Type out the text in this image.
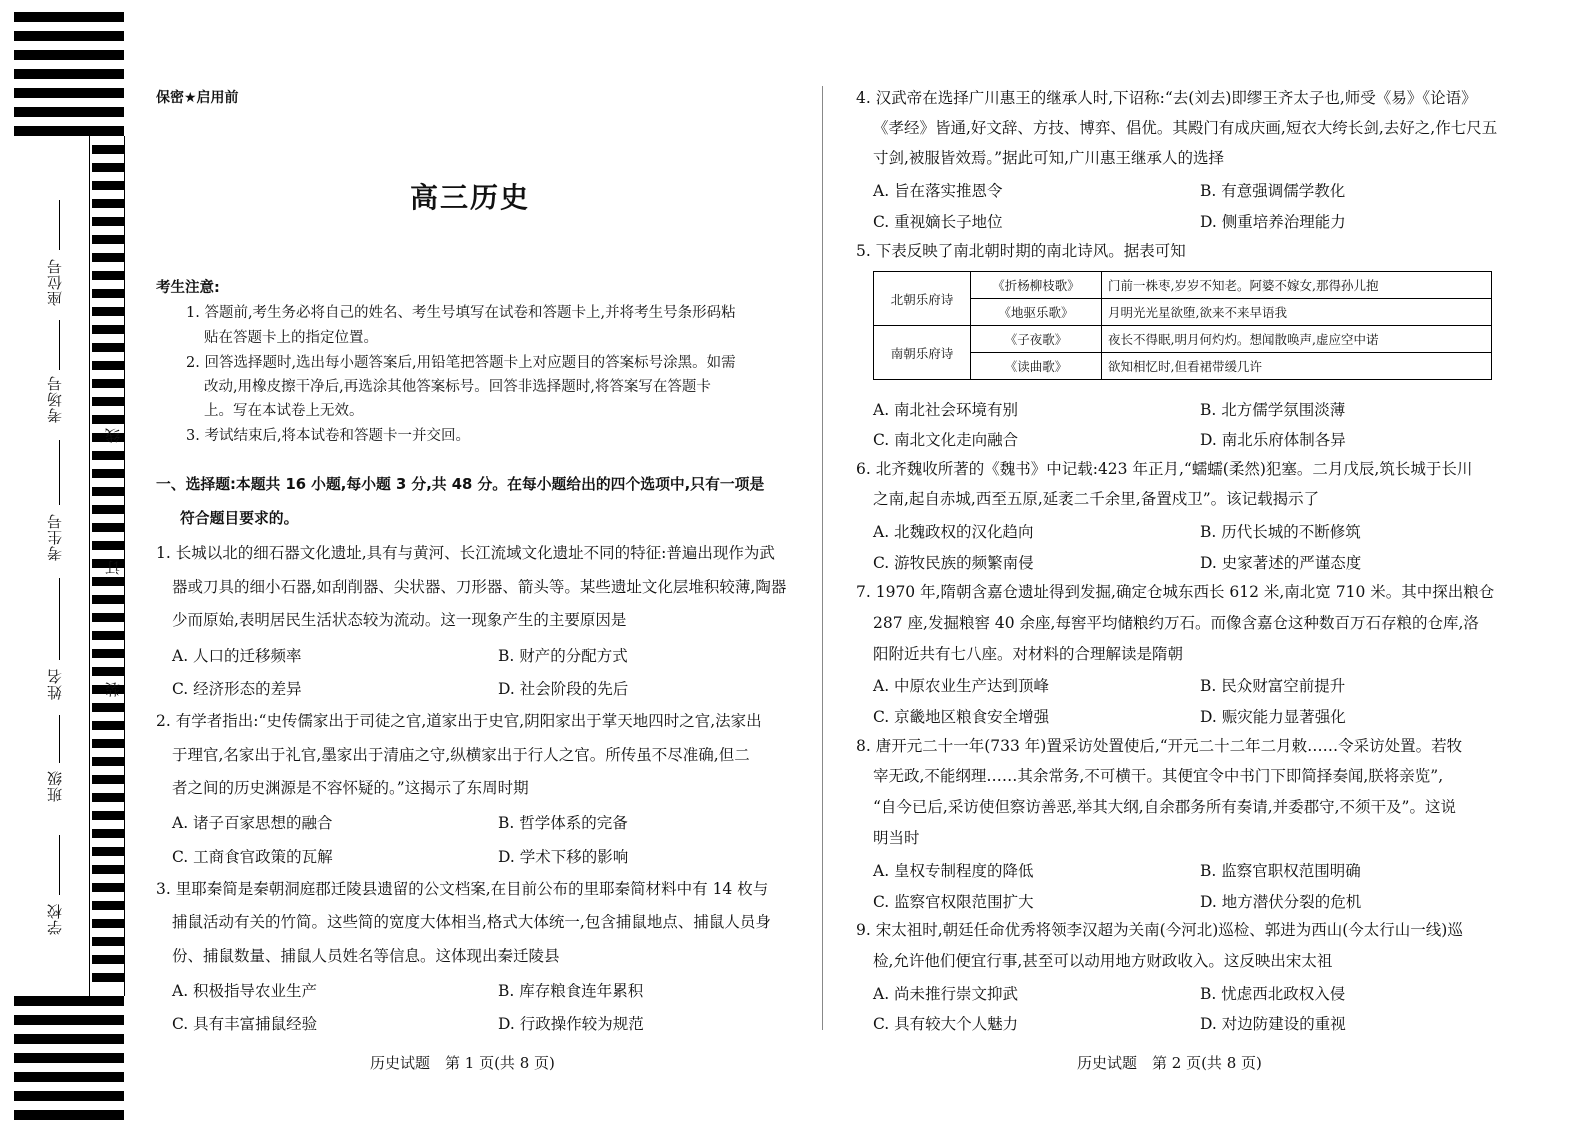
座位号
考场号
考生号
姓名
班级
学校
线
订
装
保密★启用前
高三历史
考生注意:
1. 答题前,考生务必将自己的姓名、考生号填写在试卷和答题卡上,并将考生号条形码粘
贴在答题卡上的指定位置。
2. 回答选择题时,选出每小题答案后,用铅笔把答题卡上对应题目的答案标号涂黑。如需
改动,用橡皮擦干净后,再选涂其他答案标号。回答非选择题时,将答案写在答题卡
上。写在本试卷上无效。
3. 考试结束后,将本试卷和答题卡一并交回。
一、选择题:本题共 16 小题,每小题 3 分,共 48 分。在每小题给出的四个选项中,只有一项是
符合题目要求的。
1. 长城以北的细石器文化遗址,具有与黄河、长江流域文化遗址不同的特征:普遍出现作为武
器或刀具的细小石器,如刮削器、尖状器、刀形器、箭头等。某些遗址文化层堆积较薄,陶器
少而原始,表明居民生活状态较为流动。这一现象产生的主要原因是
A. 人口的迁移频率	B. 财产的分配方式
C. 经济形态的差异	D. 社会阶段的先后
2. 有学者指出:“史传儒家出于司徒之官,道家出于史官,阴阳家出于掌天地四时之官,法家出
于理官,名家出于礼官,墨家出于清庙之守,纵横家出于行人之官。所传虽不尽准确,但二
者之间的历史渊源是不容怀疑的。”这揭示了东周时期
A. 诸子百家思想的融合	B. 哲学体系的完备
C. 工商食官政策的瓦解	D. 学术下移的影响
3. 里耶秦简是秦朝洞庭郡迁陵县遗留的公文档案,在目前公布的里耶秦简材料中有 14 枚与
捕鼠活动有关的竹简。这些简的宽度大体相当,格式大体统一,包含捕鼠地点、捕鼠人员身
份、捕鼠数量、捕鼠人员姓名等信息。这体现出秦迁陵县
A. 积极指导农业生产	B. 库存粮食连年累积
C. 具有丰富捕鼠经验	D. 行政操作较为规范
历史试题　第 1 页(共 8 页)
4. 汉武帝在选择广川惠王的继承人时,下诏称:“去(刘去)即缪王齐太子也,师受《易》《论语》
《孝经》皆通,好文辞、方技、博弈、倡优。其殿门有成庆画,短衣大绔长剑,去好之,作七尺五
寸剑,被服皆效焉。”据此可知,广川惠王继承人的选择
A. 旨在落实推恩令	B. 有意强调儒学教化
C. 重视嫡长子地位	D. 侧重培养治理能力
5. 下表反映了南北朝时期的南北诗风。据表可知
北朝乐府诗	《折杨柳枝歌》	门前一株枣,岁岁不知老。阿婆不嫁女,那得孙儿抱
	《地驱乐歌》	月明光光星欲堕,欲来不来早语我
南朝乐府诗	《子夜歌》	夜长不得眠,明月何灼灼。想闻散唤声,虚应空中诺
	《读曲歌》	欲知相忆时,但看裙带缓几许
A. 南北社会环境有别	B. 北方儒学氛围淡薄
C. 南北文化走向融合	D. 南北乐府体制各异
6. 北齐魏收所著的《魏书》中记载:423 年正月,“蠕蠕(柔然)犯塞。二月戊辰,筑长城于长川
之南,起自赤城,西至五原,延袤二千余里,备置戍卫”。该记载揭示了
A. 北魏政权的汉化趋向	B. 历代长城的不断修筑
C. 游牧民族的频繁南侵	D. 史家著述的严谨态度
7. 1970 年,隋朝含嘉仓遗址得到发掘,确定仓城东西长 612 米,南北宽 710 米。其中探出粮仓
287 座,发掘粮窖 40 余座,每窖平均储粮约万石。而像含嘉仓这种数百万石存粮的仓库,洛
阳附近共有七八座。对材料的合理解读是隋朝
A. 中原农业生产达到顶峰	B. 民众财富空前提升
C. 京畿地区粮食安全增强	D. 赈灾能力显著强化
8. 唐开元二十一年(733 年)置采访处置使后,“开元二十二年二月敕……令采访处置。若牧
宰无政,不能纲理……其余常务,不可横干。其便宜令中书门下即简择奏闻,朕将亲览”,
“自今已后,采访使但察访善恶,举其大纲,自余郡务所有奏请,并委郡守,不须干及”。这说
明当时
A. 皇权专制程度的降低	B. 监察官职权范围明确
C. 监察官权限范围扩大	D. 地方潜伏分裂的危机
9. 宋太祖时,朝廷任命优秀将领李汉超为关南(今河北)巡检、郭进为西山(今太行山一线)巡
检,允许他们便宜行事,甚至可以动用地方财政收入。这反映出宋太祖
A. 尚未推行崇文抑武	B. 忧虑西北政权入侵
C. 具有较大个人魅力	D. 对边防建设的重视
历史试题　第 2 页(共 8 页)
